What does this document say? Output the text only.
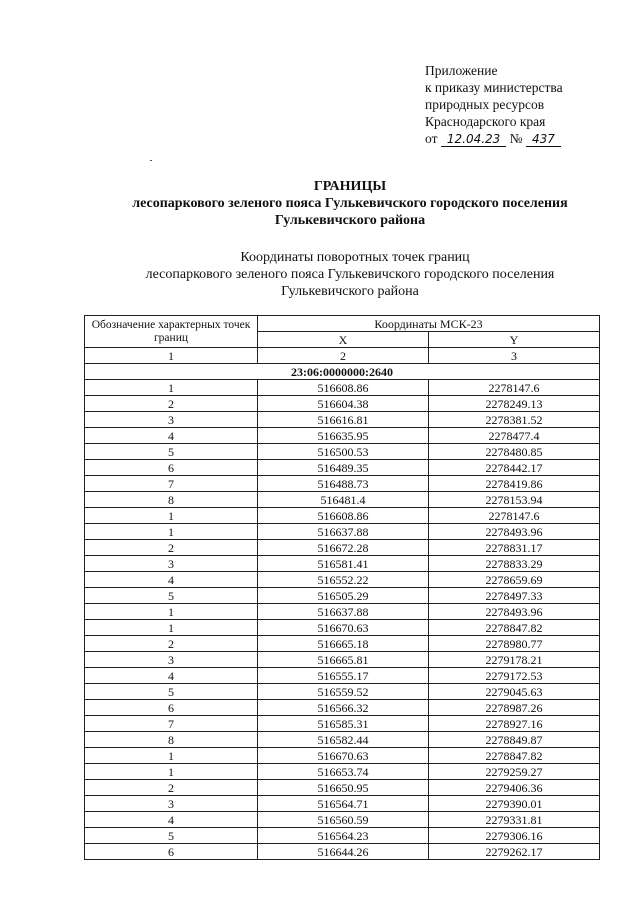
Приложение
к приказу министерства
природных ресурсов
Краснодарского края
от 12.04.23 № 437
ГРАНИЦЫ
лесопаркового зеленого пояса Гулькевичского городского поселения
Гулькевичского района
Координаты поворотных точек границ
лесопаркового зеленого пояса Гулькевичского городского поселения
Гулькевичского района
Обозначение характерных точек границ	Координаты МСК-23	
	X	Y
1	2	3
23:06:0000000:2640		
1	516608.86	2278147.6
2	516604.38	2278249.13
3	516616.81	2278381.52
4	516635.95	2278477.4
5	516500.53	2278480.85
6	516489.35	2278442.17
7	516488.73	2278419.86
8	516481.4	2278153.94
1	516608.86	2278147.6
1	516637.88	2278493.96
2	516672.28	2278831.17
3	516581.41	2278833.29
4	516552.22	2278659.69
5	516505.29	2278497.33
1	516637.88	2278493.96
1	516670.63	2278847.82
2	516665.18	2278980.77
3	516665.81	2279178.21
4	516555.17	2279172.53
5	516559.52	2279045.63
6	516566.32	2278987.26
7	516585.31	2278927.16
8	516582.44	2278849.87
1	516670.63	2278847.82
1	516653.74	2279259.27
2	516650.95	2279406.36
3	516564.71	2279390.01
4	516560.59	2279331.81
5	516564.23	2279306.16
6	516644.26	2279262.17
